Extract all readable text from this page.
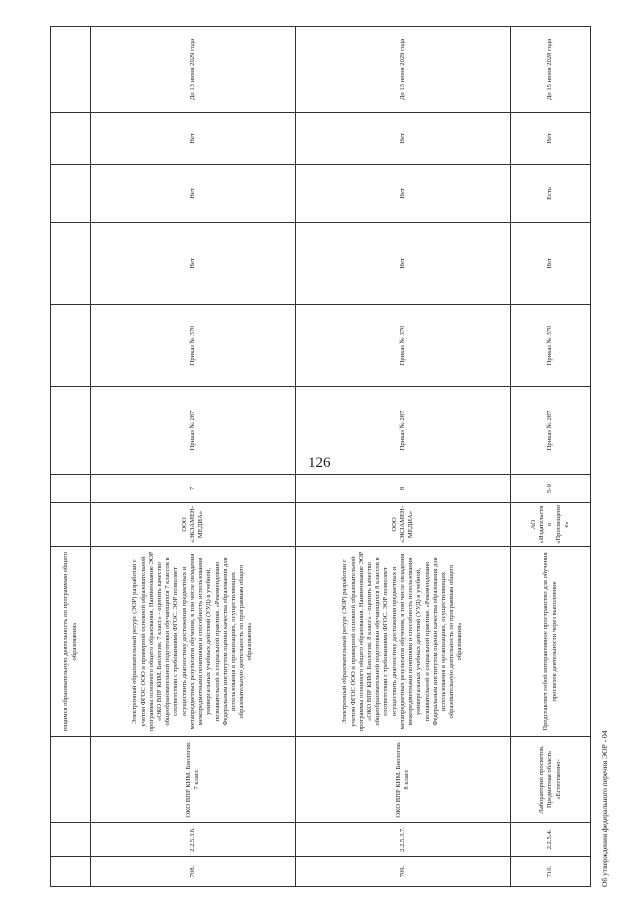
126
			ющимся образовательную деятельность по программам общего образования»								
708.	2.2.5.3.6.	ОКО ВПР КИМ. Биология. 7 класс	Электронный образовательный ресурс (ЭОР) разработан с учетом ФГОС ООО и примерной основной образовательной программы основного общего образования. Наименование ЭОР «ОКО ВПР КИМ. Биология. 7 класс» - оценить качество общеобразовательной подготовки обучающихся 7 классов в соответствии с требованиями ФГОС. ЭОР позволяет осуществить диагностику достижения предметных и метапредметных результатов обучения, в том числе овладения межпредметными понятиями и способность использования универсальных учебных действий (УУД) в учебной, познавательной и социальной практике. «Рекомендовано Федеральным институтом оценки качества образования для использования в организациях, осуществляющих образовательную деятельность по программам общего образования»	ООО «ЭКЗАМЕН-МЕДИА»	7	Приказ № 287	Приказ № 370	Нет	Нет	Нет	До 13 июня 2029 года
709.	2.2.5.3.7.	ОКО ВПР КИМ. Биология. 8 класс	Электронный образовательный ресурс (ЭОР) разработан с учетом ФГОС ООО и примерной основной образовательной программы основного общего образования. Наименование ЭОР «ОКО ВПР КИМ. Биология. 8 класс» - оценить качество общеобразовательной подготовки обучающихся 8 классов в соответствии с требованиями ФГОС. ЭОР позволяет осуществить диагностику достижения предметных и метапредметных результатов обучения, в том числе овладения межпредметными понятиями и способность использования универсальных учебных действий (УУД) в учебной, познавательной и социальной практике. «Рекомендовано Федеральным институтом оценки качества образования для использования в организациях, осуществляющих образовательную деятельность по программам общего образования»	ООО «ЭКЗАМЕН-МЕДИА»	8	Приказ № 287	Приказ № 370	Нет	Нет	Нет	До 13 июня 2029 года
710.	2.2.5.4.	Лаборатории просветов. Предметная область «Естественно-	Представляет собой интерактивное пространство для обучения просветов деятельности через выполнение	АО «Издательство «Просвещение»	5-9	Приказ № 287	Приказ № 370	Нет	Есть	Нет	До 15 июня 2028 года
Об утверждении федерального перечня ЭОР - 04
